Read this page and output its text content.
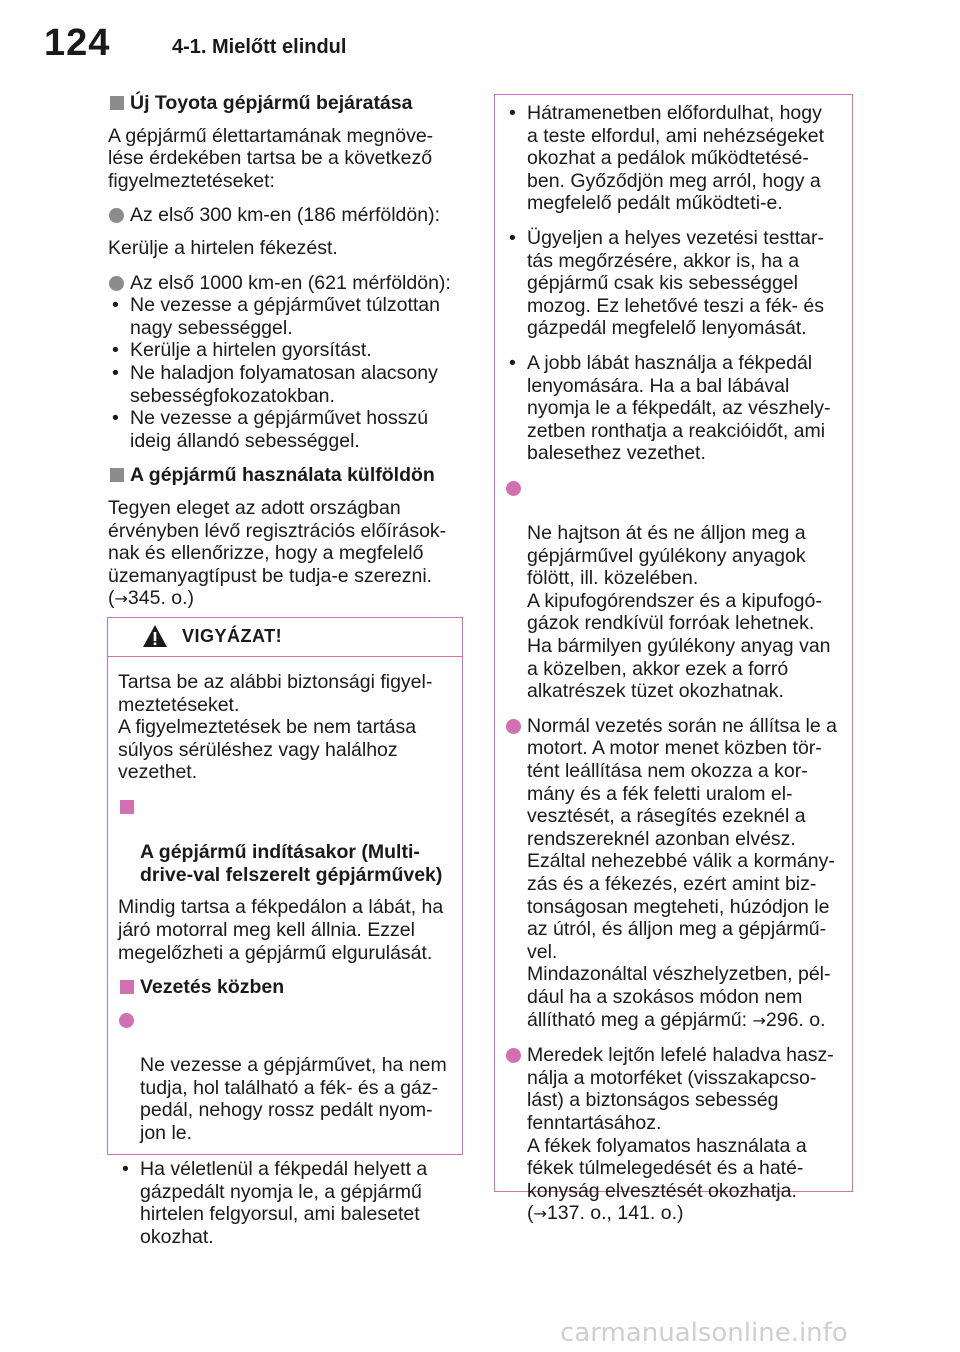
124	4-1. Mielőtt elindul
Új Toyota gépjármű bejáratása

A gépjármű élettartamának megnöve-
lése érdekében tartsa be a következő
figyelmeztetéseket:

Az első 300 km-en (186 mérföldön):

Kerülje a hirtelen fékezést.

Az első 1000 km-en (621 mérföldön):
• Ne vezesse a gépjárművet túlzottan
nagy sebességgel.
• Kerülje a hirtelen gyorsítást.
• Ne haladjon folyamatosan alacsony
sebességfokozatokban.
• Ne vezesse a gépjárművet hosszú
ideig állandó sebességgel.
A gépjármű használata külföldön

Tegyen eleget az adott országban
érvényben lévő regisztrációs előírások-
nak és ellenőrizze, hogy a megfelelő
üzemanyagtípust be tudja-e szerezni.
(→345. o.)

VIGYÁZAT!

Tartsa be az alábbi biztonsági figyel-
meztetéseket.
A figyelmeztetések be nem tartása
súlyos sérüléshez vagy halálhoz
vezethet.

A gépjármű indításakor (Multi-
drive-val felszerelt gépjárművek)

Mindig tartsa a fékpedálon a lábát, ha
járó motorral meg kell állnia. Ezzel
megelőzheti a gépjármű elgurulását.

Vezetés közben

Ne vezesse a gépjárművet, ha nem
tudja, hol található a fék- és a gáz-
pedál, nehogy rossz pedált nyom-
jon le.

• Ha véletlenül a fékpedál helyett a
gázpedált nyomja le, a gépjármű
hirtelen felgyorsul, ami balesetet
okozhat.
• Hátramenetben előfordulhat, hogy
a teste elfordul, ami nehézségeket
okozhat a pedálok működtetésé-
ben. Győződjön meg arról, hogy a
megfelelő pedált működteti-e.
• Ügyeljen a helyes vezetési testtar-
tás megőrzésére, akkor is, ha a
gépjármű csak kis sebességgel
mozog. Ez lehetővé teszi a fék- és
gázpedál megfelelő lenyomását.
• A jobb lábát használja a fékpedál
lenyomására. Ha a bal lábával
nyomja le a fékpedált, az vészhely-
zetben ronthatja a reakcióidőt, ami
balesethez vezethet.

Ne hajtson át és ne álljon meg a
gépjárművel gyúlékony anyagok
fölött, ill. közelében.
A kipufogórendszer és a kipufogó-
gázok rendkívül forróak lehetnek.
Ha bármilyen gyúlékony anyag van
a közelben, akkor ezek a forró
alkatrészek tüzet okozhatnak.

Normál vezetés során ne állítsa le a
motort. A motor menet közben tör-
tént leállítása nem okozza a kor-
mány és a fék feletti uralom el-
vesztését, a rásegítés ezeknél a
rendszereknél azonban elvész.
Ezáltal nehezebbé válik a kormány-
zás és a fékezés, ezért amint biz-
tonságosan megteheti, húzódjon le
az útról, és álljon meg a gépjármű-
vel.
Mindazonáltal vészhelyzetben, pél-
dául ha a szokásos módon nem
állítható meg a gépjármű: →296. o.
Meredek lejtőn lefelé haladva hasz-
nálja a motorféket (visszakapcso-
lást) a biztonságos sebesség
fenntartásához.
A fékek folyamatos használata a
fékek túlmelegedését és a haté-
konyság elvesztését okozhatja.
(→137. o., 141. o.)
carmanualsonline.info
